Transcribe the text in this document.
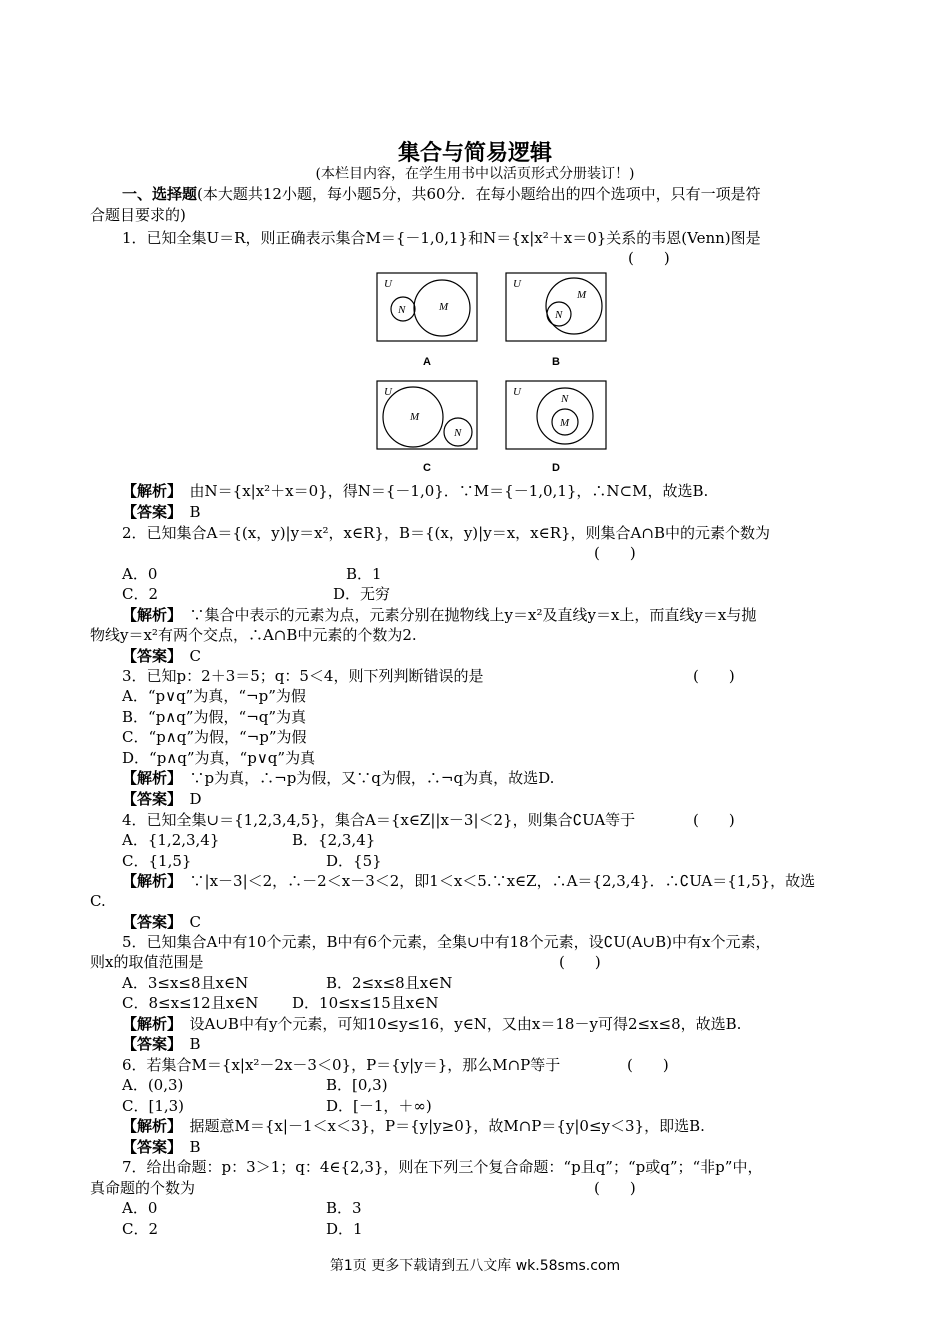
集合与简易逻辑
(本栏目内容，在学生用书中以活页形式分册装订！)
一、选择题(本大题共12小题，每小题5分，共60分．在每小题给出的四个选项中，只有一项是符
合题目要求的)
1．已知全集U＝R，则正确表示集合M＝{－1,0,1}和N＝{x|x²＋x＝0}关系的韦恩(Venn)图是
(　　)
U
M
N
A
U
M
N
B
U
M
N
C
U
N
M
D
【解析】　 由N＝{x|x²＋x＝0}，得N＝{－1,0}．∵M＝{－1,0,1}，∴N⊂M，故选B.
【答案】　 B
2．已知集合A＝{(x，y)|y＝x²，x∈R}，B＝{(x，y)|y＝x，x∈R}，则集合A∩B中的元素个数为
(　　)
A．0	B．1
C．2	D．无穷
【解析】　 ∵集合中表示的元素为点，元素分别在抛物线上y＝x²及直线y＝x上，而直线y＝x与抛
物线y＝x²有两个交点，∴A∩B中元素的个数为2.
【答案】　 C
3．已知p：2＋3＝5；q：5＜4，则下列判断错误的是	(　　)
A．“p∨q”为真，“¬p”为假
B．“p∧q”为假，“¬q”为真
C．“p∧q”为假，“¬p”为假
D．“p∧q”为真，“p∨q”为真
【解析】　 ∵p为真，∴¬p为假，又∵q为假，∴¬q为真，故选D.
【答案】　 D
4．已知全集∪＝{1,2,3,4,5}，集合A＝{x∈Z||x－3|＜2}，则集合∁UA等于	(　　)
A．{1,2,3,4}	B．{2,3,4}
C．{1,5}	D．{5}
【解析】　 ∵|x－3|＜2，∴－2＜x－3＜2，即1＜x＜5.∵x∈Z，∴A＝{2,3,4}．∴∁UA＝{1,5}，故选
C.
【答案】　 C
5．已知集合A中有10个元素，B中有6个元素，全集∪中有18个元素，设∁U(A∪B)中有x个元素，
则x的取值范围是	(　　)
A．3≤x≤8且x∈N	B．2≤x≤8且x∈N
C．8≤x≤12且x∈N D．10≤x≤15且x∈N
【解析】　 设A∪B中有y个元素，可知10≤y≤16，y∈N，又由x＝18－y可得2≤x≤8，故选B.
【答案】　 B
6．若集合M＝{x|x²－2x－3＜0}，P＝{y|y＝}，那么M∩P等于	(　　)
A．(0,3)	B．[0,3)
C．[1,3)	D．[－1，＋∞)
【解析】　 据题意M＝{x|－1＜x＜3}，P＝{y|y≥0}，故M∩P＝{y|0≤y＜3}，即选B.
【答案】　 B
7．给出命题：p：3＞1；q：4∈{2,3}，则在下列三个复合命题：“p且q”；“p或q”；“非p”中，
真命题的个数为	(　　)
A．0	B．3
C．2	D．1
第1页 更多下载请到五八文库 wk.58sms.com
